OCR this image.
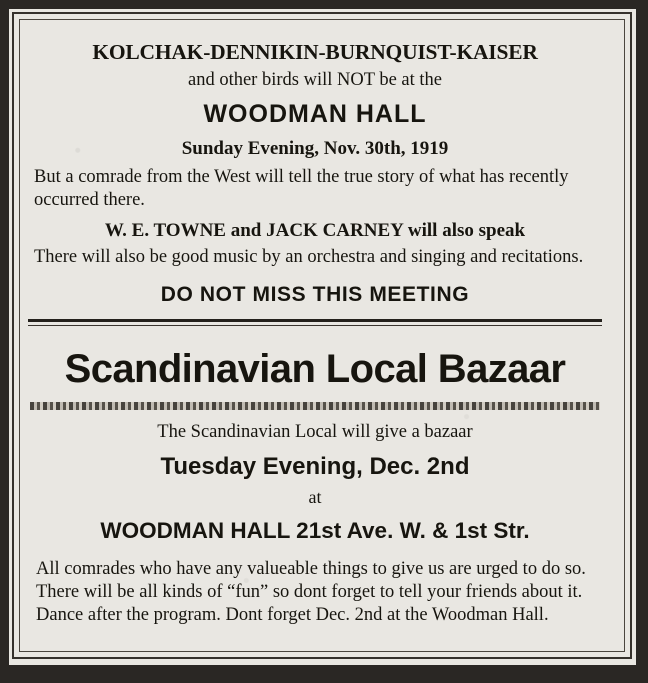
KOLCHAK-DENNIKIN-BURNQUIST-KAISER
and other birds will NOT be at the
WOODMAN HALL
Sunday Evening, Nov. 30th, 1919
But a comrade from the West will tell the true story of what has recently occurred there.
W. E. TOWNE and JACK CARNEY will also speak
There will also be good music by an orchestra and singing and recitations.
DO NOT MISS THIS MEETING
Scandinavian Local Bazaar
The Scandinavian Local will give a bazaar
Tuesday Evening, Dec. 2nd
at
WOODMAN HALL 21st Ave. W. & 1st Str.
All comrades who have any valueable things to give us are urged to do so. There will be all kinds of “fun” so dont forget to tell your friends about it. Dance after the program. Dont forget Dec. 2nd at the Woodman Hall.
